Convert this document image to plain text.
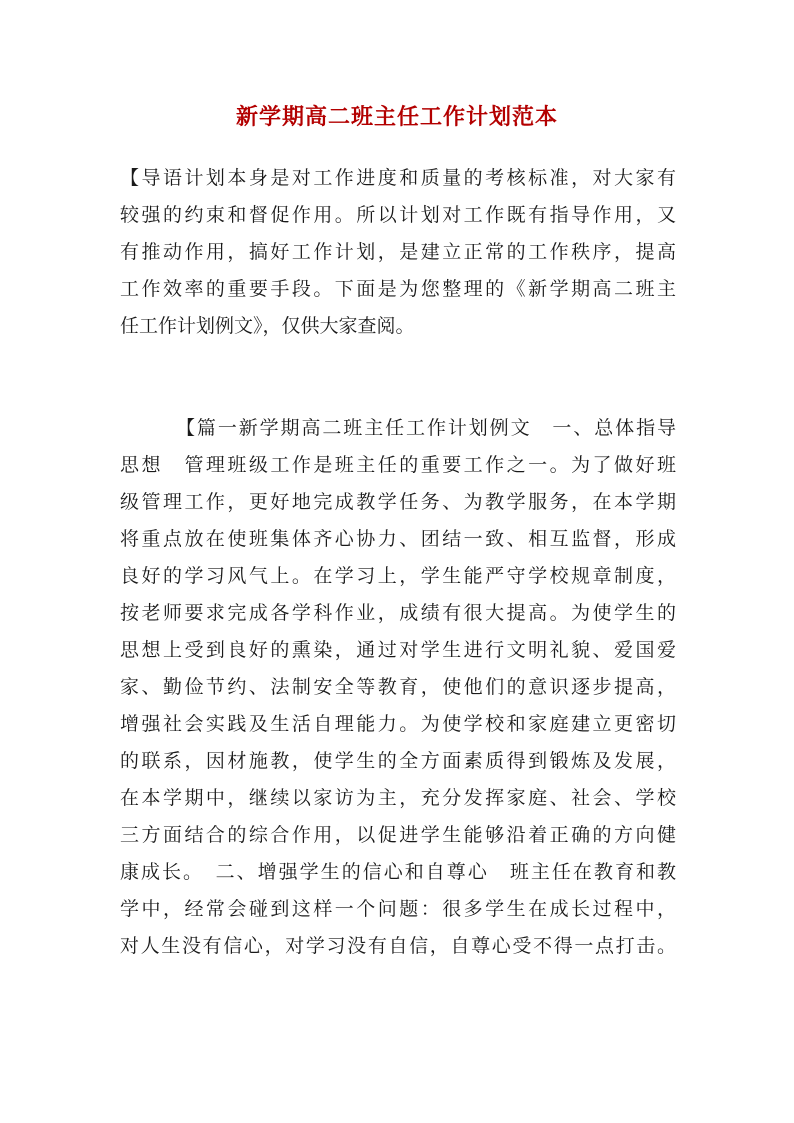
新学期高二班主任工作计划范本
【导语计划本身是对工作进度和质量的考核标准，对大家有
较强的约束和督促作用。所以计划对工作既有指导作用，又
有推动作用，搞好工作计划，是建立正常的工作秩序，提高
工作效率的重要手段。下面是为您整理的《新学期高二班主
任工作计划例文》，仅供大家查阅。
【篇一新学期高二班主任工作计划例文　一、总体指导
思想　管理班级工作是班主任的重要工作之一。为了做好班
级管理工作，更好地完成教学任务、为教学服务，在本学期
将重点放在使班集体齐心协力、团结一致、相互监督，形成
良好的学习风气上。在学习上，学生能严守学校规章制度，
按老师要求完成各学科作业，成绩有很大提高。为使学生的
思想上受到良好的熏染，通过对学生进行文明礼貌、爱国爱
家、勤俭节约、法制安全等教育，使他们的意识逐步提高，
增强社会实践及生活自理能力。为使学校和家庭建立更密切
的联系，因材施教，使学生的全方面素质得到锻炼及发展，
在本学期中，继续以家访为主，充分发挥家庭、社会、学校
三方面结合的综合作用，以促进学生能够沿着正确的方向健
康成长。　二、增强学生的信心和自尊心　班主任在教育和教
学中，经常会碰到这样一个问题：很多学生在成长过程中，
对人生没有信心，对学习没有自信，自尊心受不得一点打击。
